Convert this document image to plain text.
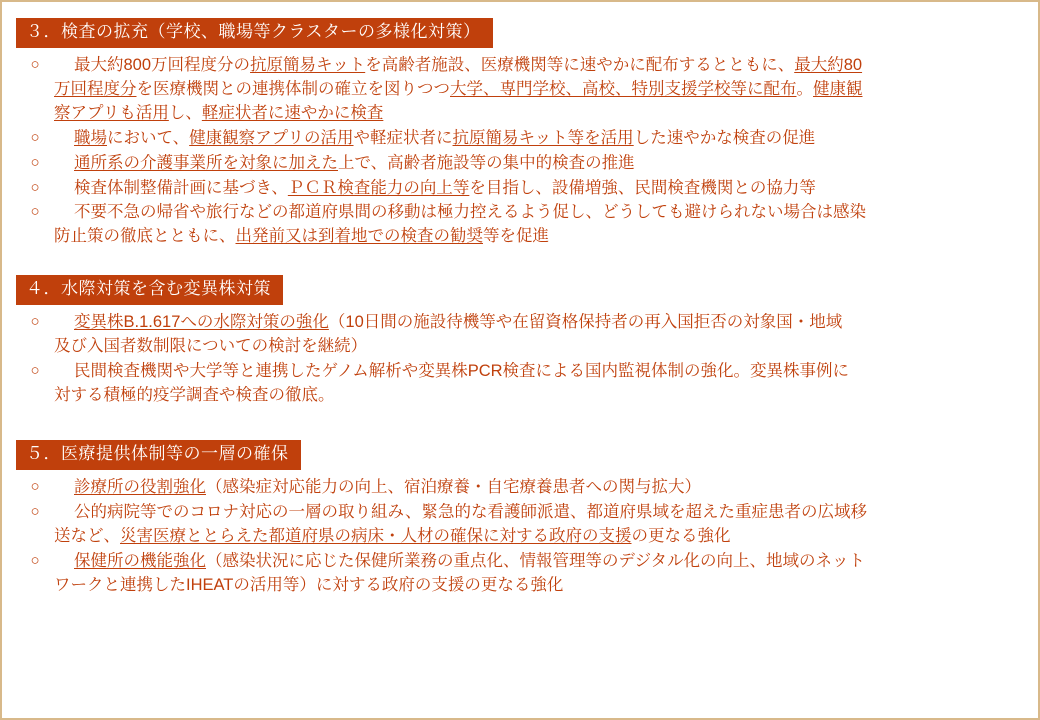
３．検査の拡充（学校、職場等クラスターの多様化対策）
○	最大約800万回程度分の抗原簡易キットを高齢者施設、医療機関等に速やかに配布するとともに、最大約80
万回程度分を医療機関との連携体制の確立を図りつつ大学、専門学校、高校、特別支援学校等に配布。健康観
察アプリも活用し、軽症状者に速やかに検査
○	職場において、健康観察アプリの活用や軽症状者に抗原簡易キット等を活用した速やかな検査の促進
○	通所系の介護事業所を対象に加えた上で、高齢者施設等の集中的検査の推進
○	検査体制整備計画に基づき、ＰＣＲ検査能力の向上等を目指し、設備増強、民間検査機関との協力等
○	不要不急の帰省や旅行などの都道府県間の移動は極力控えるよう促し、どうしても避けられない場合は感染
防止策の徹底とともに、出発前又は到着地での検査の勧奨等を促進
４．水際対策を含む変異株対策
○	変異株B.1.617への水際対策の強化（10日間の施設待機等や在留資格保持者の再入国拒否の対象国・地域
及び入国者数制限についての検討を継続）
○	民間検査機関や大学等と連携したゲノム解析や変異株PCR検査による国内監視体制の強化。変異株事例に
対する積極的疫学調査や検査の徹底。
５．医療提供体制等の一層の確保
○	診療所の役割強化（感染症対応能力の向上、宿泊療養・自宅療養患者への関与拡大）
○	公的病院等でのコロナ対応の一層の取り組み、緊急的な看護師派遣、都道府県域を超えた重症患者の広域移
送など、災害医療ととらえた都道府県の病床・人材の確保に対する政府の支援の更なる強化
○	保健所の機能強化（感染状況に応じた保健所業務の重点化、情報管理等のデジタル化の向上、地域のネット
ワークと連携したIHEATの活用等）に対する政府の支援の更なる強化
